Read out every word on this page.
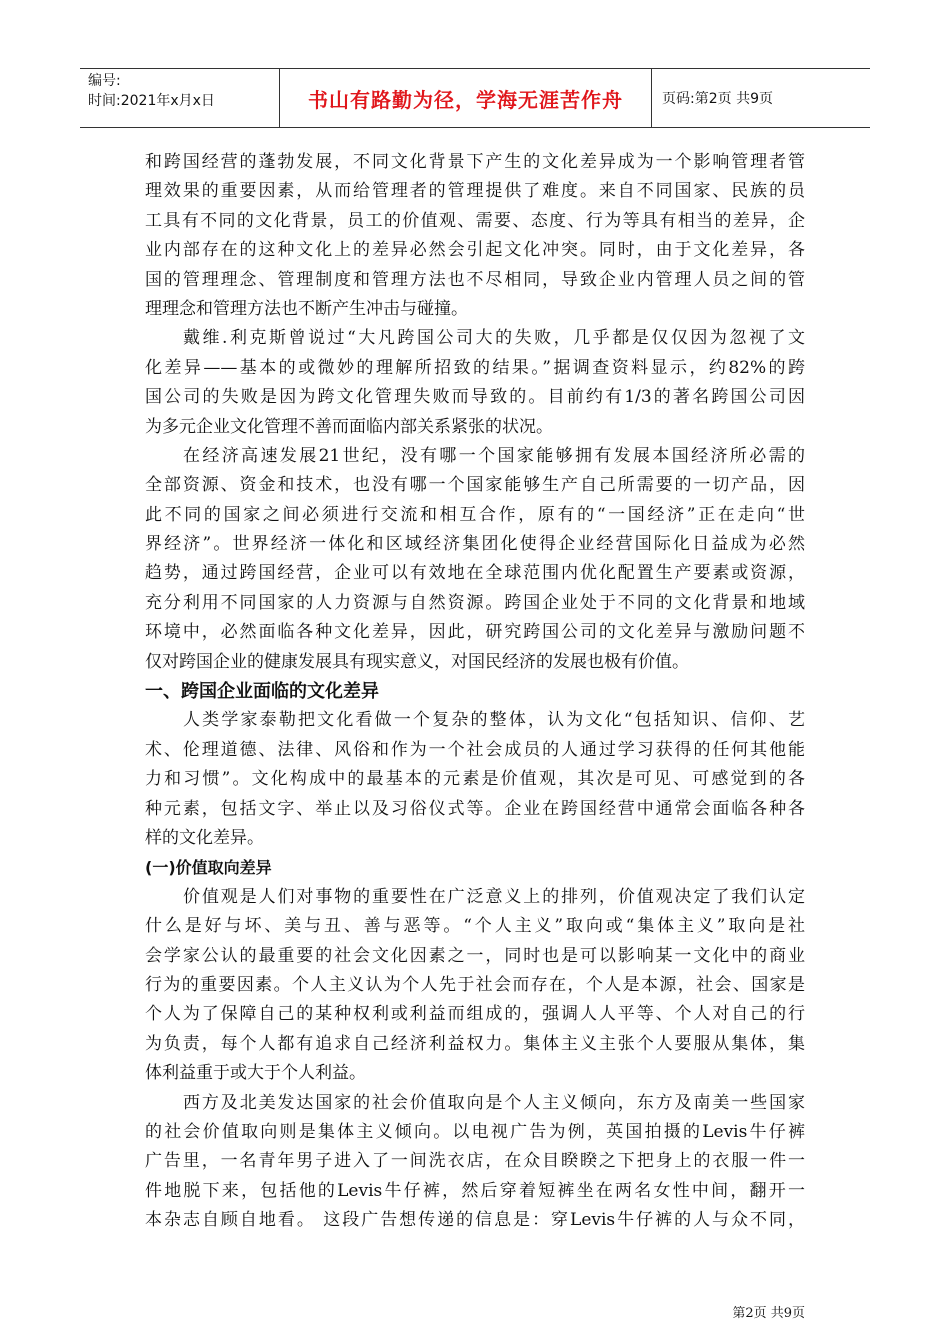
编号:
时间:2021年x月x日	书山有路勤为径，学海无涯苦作舟	页码:第2页 共9页
和跨国经营的蓬勃发展，不同文化背景下产生的文化差异成为一个影响管理者管
理效果的重要因素，从而给管理者的管理提供了难度。来自不同国家、民族的员
工具有不同的文化背景，员工的价值观、需要、态度、行为等具有相当的差异，企
业内部存在的这种文化上的差异必然会引起文化冲突。同时，由于文化差异，各
国的管理理念、管理制度和管理方法也不尽相同，导致企业内管理人员之间的管
理理念和管理方法也不断产生冲击与碰撞。
戴维.利克斯曾说过“大凡跨国公司大的失败，几乎都是仅仅因为忽视了文
化差异——基本的或微妙的理解所招致的结果。”据调查资料显示，约82%的跨
国公司的失败是因为跨文化管理失败而导致的。目前约有1/3的著名跨国公司因
为多元企业文化管理不善而面临内部关系紧张的状况。
在经济高速发展21世纪，没有哪一个国家能够拥有发展本国经济所必需的
全部资源、资金和技术，也没有哪一个国家能够生产自己所需要的一切产品，因
此不同的国家之间必须进行交流和相互合作，原有的“一国经济”正在走向“世
界经济”。世界经济一体化和区域经济集团化使得企业经营国际化日益成为必然
趋势，通过跨国经营，企业可以有效地在全球范围内优化配置生产要素或资源，
充分利用不同国家的人力资源与自然资源。跨国企业处于不同的文化背景和地域
环境中，必然面临各种文化差异，因此，研究跨国公司的文化差异与激励问题不
仅对跨国企业的健康发展具有现实意义，对国民经济的发展也极有价值。
一、跨国企业面临的文化差异
人类学家泰勒把文化看做一个复杂的整体，认为文化“包括知识、信仰、艺
术、伦理道德、法律、风俗和作为一个社会成员的人通过学习获得的任何其他能
力和习惯”。文化构成中的最基本的元素是价值观，其次是可见、可感觉到的各
种元素，包括文字、举止以及习俗仪式等。企业在跨国经营中通常会面临各种各
样的文化差异。
(一)价值取向差异
价值观是人们对事物的重要性在广泛意义上的排列，价值观决定了我们认定
什么是好与坏、美与丑、善与恶等。“个人主义”取向或“集体主义”取向是社
会学家公认的最重要的社会文化因素之一，同时也是可以影响某一文化中的商业
行为的重要因素。个人主义认为个人先于社会而存在，个人是本源，社会、国家是
个人为了保障自己的某种权利或利益而组成的，强调人人平等、个人对自己的行
为负责，每个人都有追求自己经济利益权力。集体主义主张个人要服从集体，集
体利益重于或大于个人利益。
西方及北美发达国家的社会价值取向是个人主义倾向，东方及南美一些国家
的社会价值取向则是集体主义倾向。以电视广告为例，英国拍摄的Levis牛仔裤
广告里，一名青年男子进入了一间洗衣店，在众目睽睽之下把身上的衣服一件一
件地脱下来，包括他的Levis牛仔裤，然后穿着短裤坐在两名女性中间，翻开一
本杂志自顾自地看。 这段广告想传递的信息是：穿Levis牛仔裤的人与众不同，
第2页 共9页
